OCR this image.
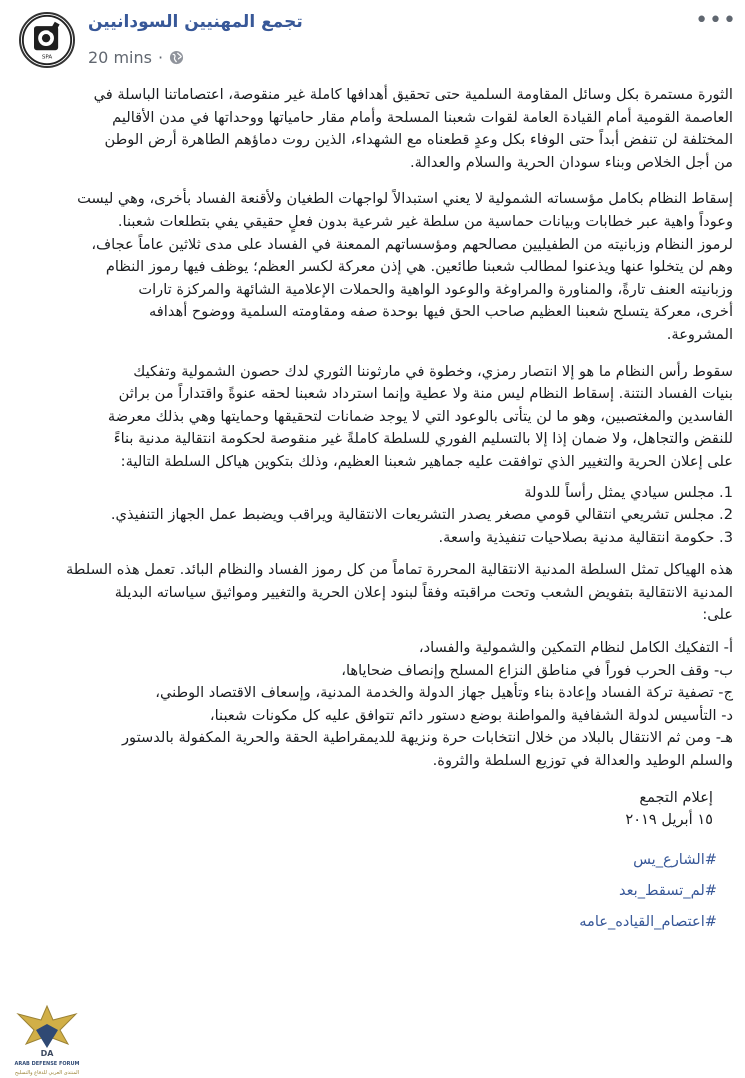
SPA
تجمع المهنيين السودانيين
20 mins ·
•••

الثورة مستمرة بكل وسائل المقاومة السلمية حتى تحقيق أهدافها كاملة غير منقوصة، اعتصاماتنا الباسلة في
العاصمة القومية أمام القيادة العامة لقوات شعبنا المسلحة وأمام مقار حامياتها ووحداتها في مدن الأقاليم
المختلفة لن تنفض أبداً حتى الوفاء بكل وعدٍ قطعناه مع الشهداء، الذين روت دماؤهم الطاهرة أرض الوطن
من أجل الخلاص وبناء سودان الحرية والسلام والعدالة.

إسقاط النظام بكامل مؤسساته الشمولية لا يعني استبدالاً لواجهات الطغيان ولأقنعة الفساد بأخرى، وهي ليست
وعوداً واهية عبر خطابات وبيانات حماسية من سلطة غير شرعية بدون فعلٍ حقيقي يفي بتطلعات شعبنا.
لرموز النظام وزبانيته من الطفيليين مصالحهم ومؤسساتهم الممعنة في الفساد على مدى ثلاثين عاماً عجاف،
وهم لن يتخلوا عنها ويذعنوا لمطالب شعبنا طائعين. هي إذن معركة لكسر العظم؛ يوظف فيها رموز النظام
وزبانيته العنف تارةً، والمناورة والمراوغة والوعود الواهية والحملات الإعلامية الشائهة والمركزة تارات
أخرى، معركة يتسلح شعبنا العظيم صاحب الحق فيها بوحدة صفه ومقاومته السلمية ووضوح أهدافه
المشروعة.

سقوط رأس النظام ما هو إلا انتصار رمزي، وخطوة في مارثوننا الثوري لدك حصون الشمولية وتفكيك
بنيات الفساد النتنة. إسقاط النظام ليس منة ولا عطية وإنما استرداد شعبنا لحقه عنوةً واقتداراً من براثن
الفاسدين والمغتصبين، وهو ما لن يتأتى بالوعود التي لا يوجد ضمانات لتحقيقها وحمايتها وهي بذلك معرضة
للنقض والتجاهل، ولا ضمان إذا إلا بالتسليم الفوري للسلطة كاملةً غير منقوصة لحكومة انتقالية مدنية بناءً
على إعلان الحرية والتغيير الذي توافقت عليه جماهير شعبنا العظيم، وذلك بتكوين هياكل السلطة التالية:

1. مجلس سيادي يمثل رأساً للدولة
2. مجلس تشريعي انتقالي قومي مصغر يصدر التشريعات الانتقالية ويراقب ويضبط عمل الجهاز التنفيذي.
3. حكومة انتقالية مدنية بصلاحيات تنفيذية واسعة.

هذه الهياكل تمثل السلطة المدنية الانتقالية المحررة تماماً من كل رموز الفساد والنظام البائد. تعمل هذه السلطة
المدنية الانتقالية بتفويض الشعب وتحت مراقبته وفقاً لبنود إعلان الحرية والتغيير ومواثيق سياساته البديلة
على:

أ- التفكيك الكامل لنظام التمكين والشمولية والفساد،
ب- وقف الحرب فوراً في مناطق النزاع المسلح وإنصاف ضحاياها،
ج- تصفية تركة الفساد وإعادة بناء وتأهيل جهاز الدولة والخدمة المدنية، وإسعاف الاقتصاد الوطني،
د- التأسيس لدولة الشفافية والمواطنة بوضع دستور دائم تتوافق عليه كل مكونات شعبنا،
هـ- ومن ثم الانتقال بالبلاد من خلال انتخابات حرة ونزيهة للديمقراطية الحقة والحرية المكفولة بالدستور
والسلم الوطيد والعدالة في توزيع السلطة والثروة.

إعلام التجمع
١٥ أبريل ٢٠١٩
#الشارع_يس
#لم_تسقط_بعد
#اعتصام_القياده_عامه
DA
ARAB DEFENSE FORUM
المنتدى العربي للدفاع والتسليح
